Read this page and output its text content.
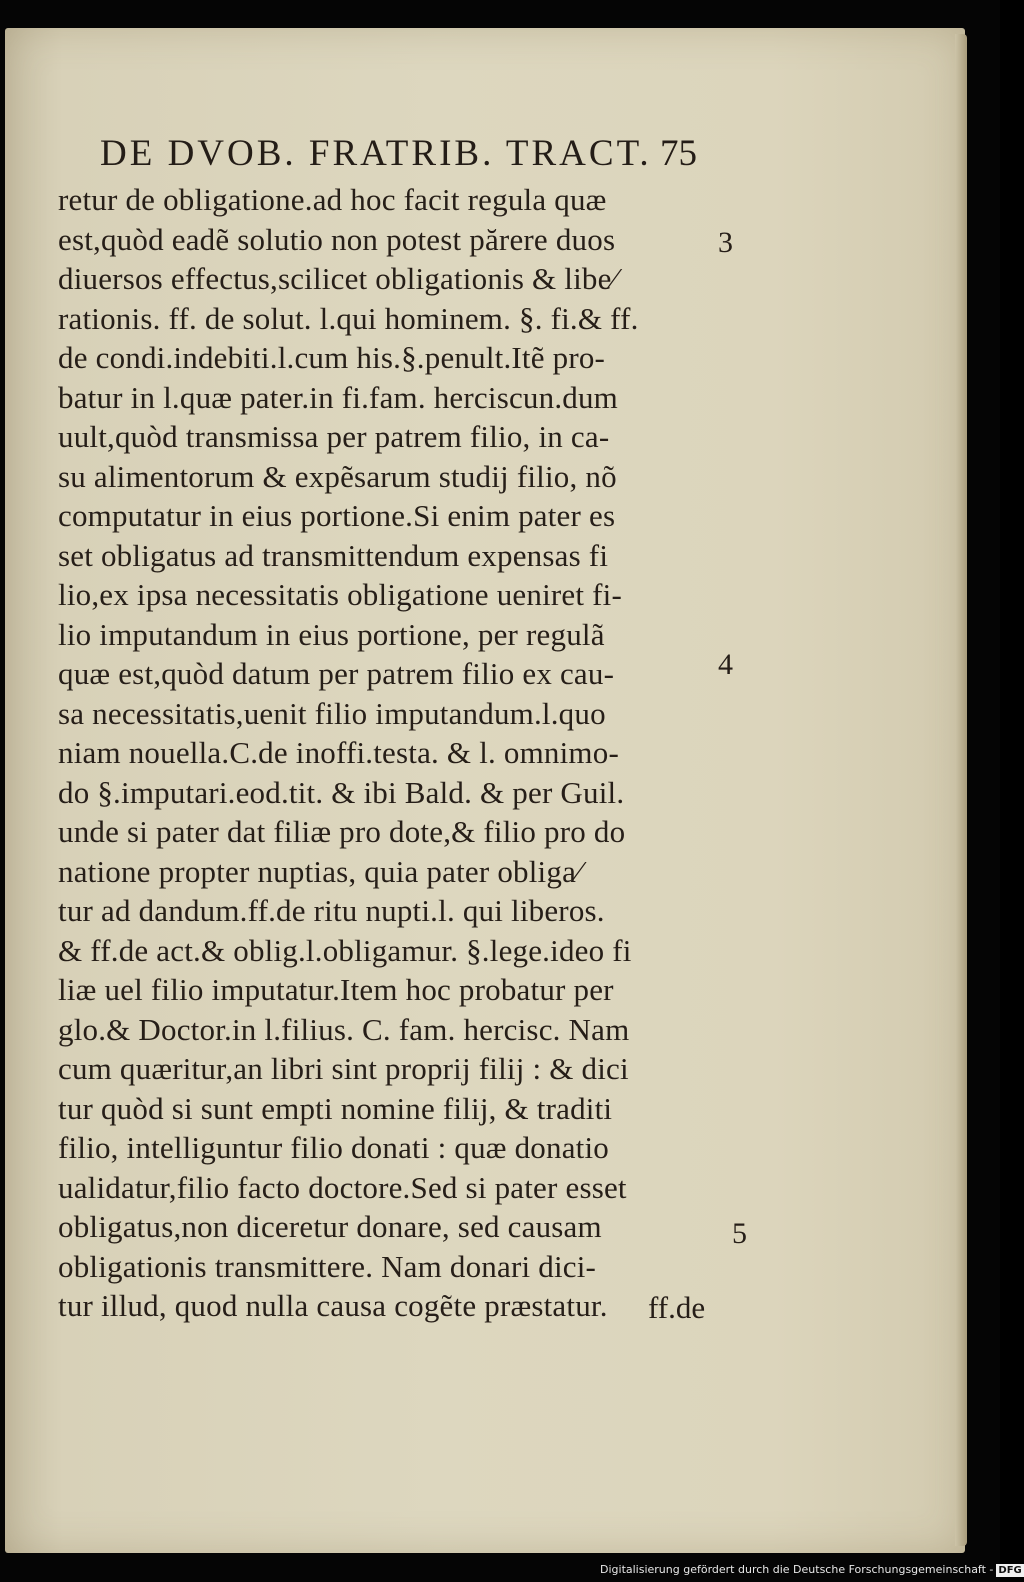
DE DVOB. FRATRIB. TRACT. 75
retur de obligatione.ad hoc facit regula quæ
est,quòd eadẽ solutio non potest părere duos
diuersos effectus,scilicet obligationis & libe⁄
rationis. ff. de solut. l.qui hominem. §. fi.& ff.
de condi.indebiti.l.cum his.§.penult.Itẽ pro-
batur in l.quæ pater.in fi.fam. herciscun.dum
uult,quòd transmissa per patrem filio, in ca-
su alimentorum & expẽsarum studij filio, nõ
computatur in eius portione.Si enim pater es
set obligatus ad transmittendum expensas fi
lio,ex ipsa necessitatis obligatione ueniret fi-
lio imputandum in eius portione, per regulã
quæ est,quòd datum per patrem filio ex cau-
sa necessitatis,uenit filio imputandum.l.quo
niam nouella.C.de inoffi.testa. & l. omnimo-
do §.imputari.eod.tit. & ibi Bald. & per Guil.
unde si pater dat filiæ pro dote,& filio pro do
natione propter nuptias, quia pater obliga⁄
tur ad dandum.ff.de ritu nupti.l. qui liberos.
& ff.de act.& oblig.l.obligamur. §.lege.ideo fi
liæ uel filio imputatur.Item hoc probatur per
glo.& Doctor.in l.filius. C. fam. hercisc. Nam
cum quæritur,an libri sint proprij filij : & dici
tur quòd si sunt empti nomine filij, & traditi
filio, intelliguntur filio donati : quæ donatio
ualidatur,filio facto doctore.Sed si pater esset
obligatus,non diceretur donare, sed causam
obligationis transmittere. Nam donari dici-
tur illud, quod nulla causa cogẽte præstatur.	ff.de
3
4
5
Digitalisierung gefördert durch die Deutsche Forschungsgemeinschaft - DFG
